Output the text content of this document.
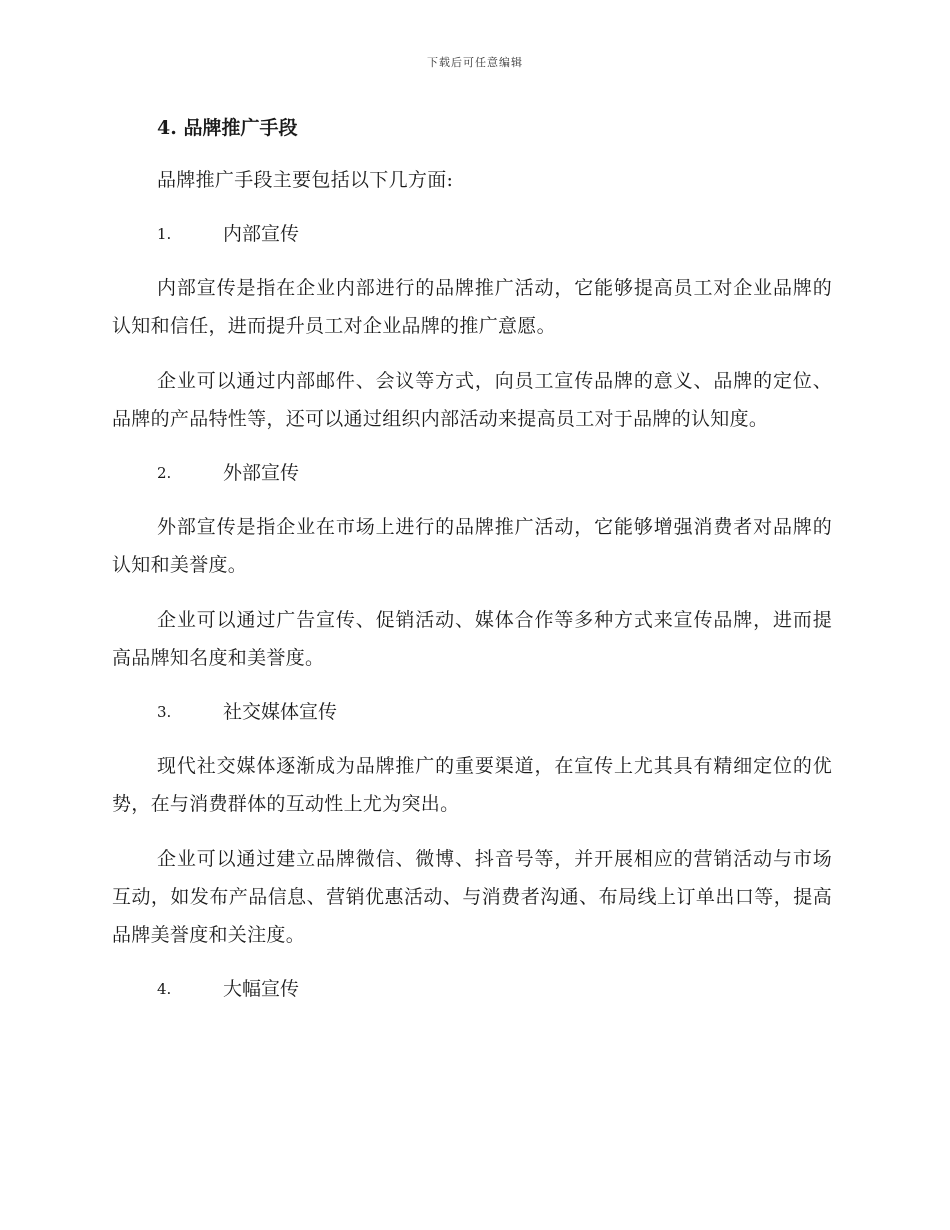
下载后可任意编辑
4. 品牌推广手段

品牌推广手段主要包括以下几方面:

1.	内部宣传

内部宣传是指在企业内部进行的品牌推广活动，它能够提高员工对企业品牌的认知和信任，进而提升员工对企业品牌的推广意愿。

企业可以通过内部邮件、会议等方式，向员工宣传品牌的意义、品牌的定位、品牌的产品特性等，还可以通过组织内部活动来提高员工对于品牌的认知度。

2.	外部宣传

外部宣传是指企业在市场上进行的品牌推广活动，它能够增强消费者对品牌的认知和美誉度。

企业可以通过广告宣传、促销活动、媒体合作等多种方式来宣传品牌，进而提高品牌知名度和美誉度。

3.	社交媒体宣传

现代社交媒体逐渐成为品牌推广的重要渠道，在宣传上尤其具有精细定位的优势，在与消费群体的互动性上尤为突出。

企业可以通过建立品牌微信、微博、抖音号等，并开展相应的营销活动与市场互动，如发布产品信息、营销优惠活动、与消费者沟通、布局线上订单出口等，提高品牌美誉度和关注度。

4.	大幅宣传
